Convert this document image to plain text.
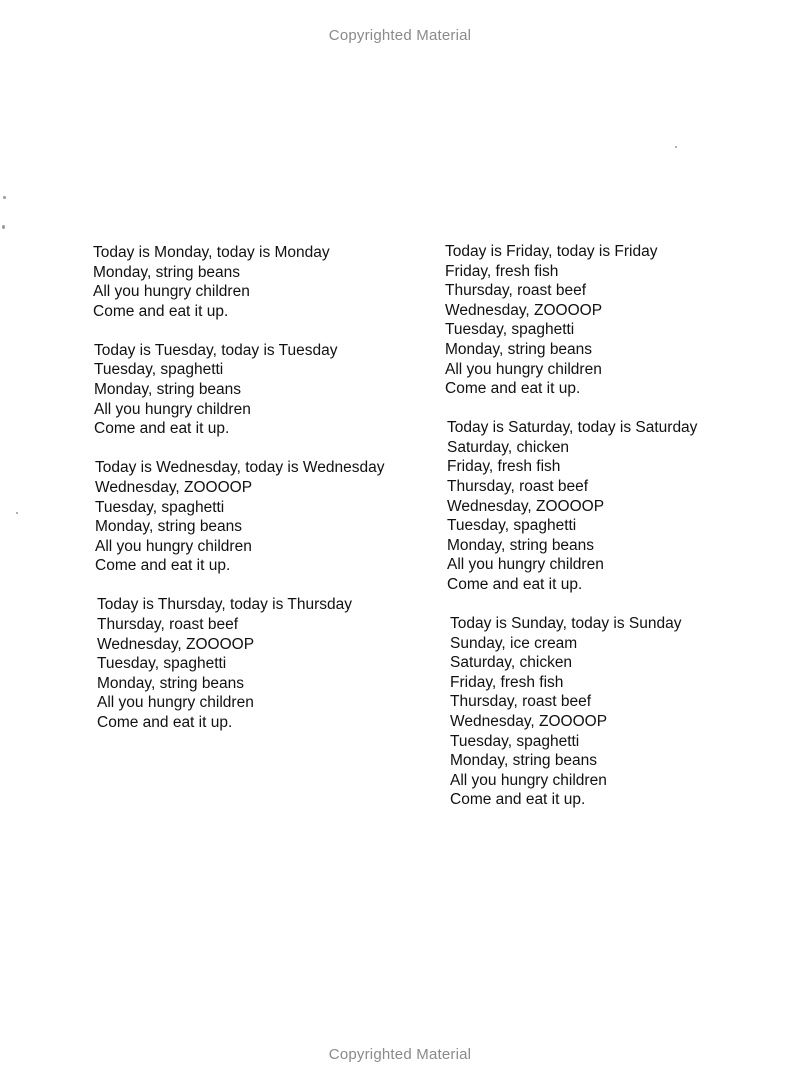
Copyrighted Material
Today is Monday, today is Monday
Monday, string beans
All you hungry children
Come and eat it up.
Today is Tuesday, today is Tuesday
Tuesday, spaghetti
Monday, string beans
All you hungry children
Come and eat it up.
Today is Wednesday, today is Wednesday
Wednesday, ZOOOOP
Tuesday, spaghetti
Monday, string beans
All you hungry children
Come and eat it up.
Today is Thursday, today is Thursday
Thursday, roast beef
Wednesday, ZOOOOP
Tuesday, spaghetti
Monday, string beans
All you hungry children
Come and eat it up.
Today is Friday, today is Friday
Friday, fresh fish
Thursday, roast beef
Wednesday, ZOOOOP
Tuesday, spaghetti
Monday, string beans
All you hungry children
Come and eat it up.
Today is Saturday, today is Saturday
Saturday, chicken
Friday, fresh fish
Thursday, roast beef
Wednesday, ZOOOOP
Tuesday, spaghetti
Monday, string beans
All you hungry children
Come and eat it up.
Today is Sunday, today is Sunday
Sunday, ice cream
Saturday, chicken
Friday, fresh fish
Thursday, roast beef
Wednesday, ZOOOOP
Tuesday, spaghetti
Monday, string beans
All you hungry children
Come and eat it up.
Copyrighted Material
